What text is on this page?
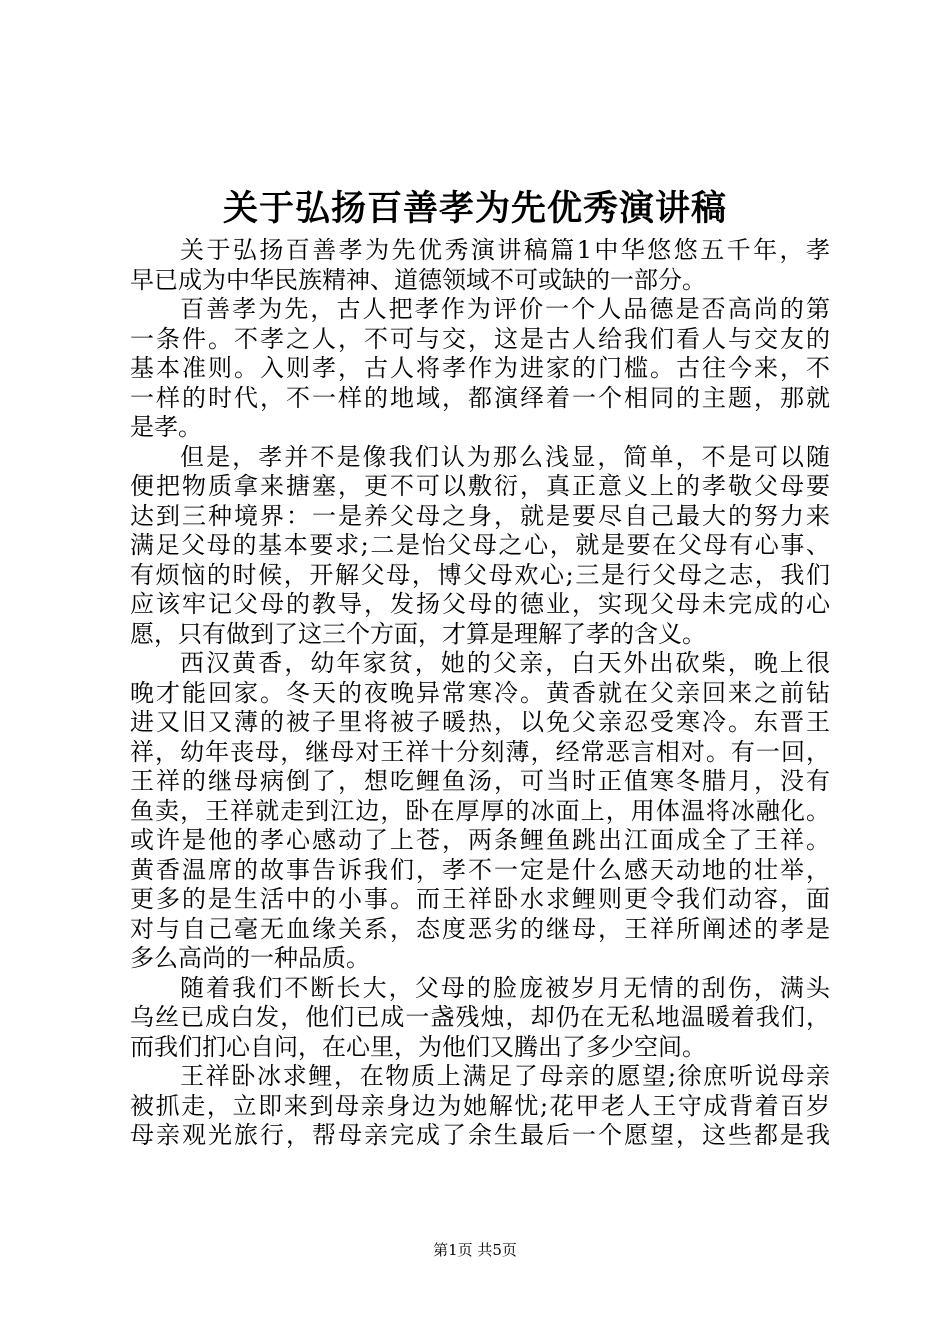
关于弘扬百善孝为先优秀演讲稿
关于弘扬百善孝为先优秀演讲稿篇1中华悠悠五千年，孝
早已成为中华民族精神、道德领域不可或缺的一部分。
百善孝为先，古人把孝作为评价一个人品德是否高尚的第
一条件。不孝之人，不可与交，这是古人给我们看人与交友的
基本准则。入则孝，古人将孝作为进家的门槛。古往今来，不
一样的时代，不一样的地域，都演绎着一个相同的主题，那就
是孝。
但是，孝并不是像我们认为那么浅显，简单，不是可以随
便把物质拿来搪塞，更不可以敷衍，真正意义上的孝敬父母要
达到三种境界：一是养父母之身，就是要尽自己最大的努力来
满足父母的基本要求;二是怡父母之心，就是要在父母有心事、
有烦恼的时候，开解父母，博父母欢心;三是行父母之志，我们
应该牢记父母的教导，发扬父母的德业，实现父母未完成的心
愿，只有做到了这三个方面，才算是理解了孝的含义。
西汉黄香，幼年家贫，她的父亲，白天外出砍柴，晚上很
晚才能回家。冬天的夜晚异常寒冷。黄香就在父亲回来之前钻
进又旧又薄的被子里将被子暖热，以免父亲忍受寒冷。东晋王
祥，幼年丧母，继母对王祥十分刻薄，经常恶言相对。有一回，
王祥的继母病倒了，想吃鲤鱼汤，可当时正值寒冬腊月，没有
鱼卖，王祥就走到江边，卧在厚厚的冰面上，用体温将冰融化。
或许是他的孝心感动了上苍，两条鲤鱼跳出江面成全了王祥。
黄香温席的故事告诉我们，孝不一定是什么感天动地的壮举，
更多的是生活中的小事。而王祥卧水求鲤则更令我们动容，面
对与自己毫无血缘关系，态度恶劣的继母，王祥所阐述的孝是
多么高尚的一种品质。
随着我们不断长大，父母的脸庞被岁月无情的刮伤，满头
乌丝已成白发，他们已成一盏残烛，却仍在无私地温暖着我们，
而我们扪心自问，在心里，为他们又腾出了多少空间。
王祥卧冰求鲤，在物质上满足了母亲的愿望;徐庶听说母亲
被抓走，立即来到母亲身边为她解忧;花甲老人王守成背着百岁
母亲观光旅行，帮母亲完成了余生最后一个愿望，这些都是我
第1页 共5页
